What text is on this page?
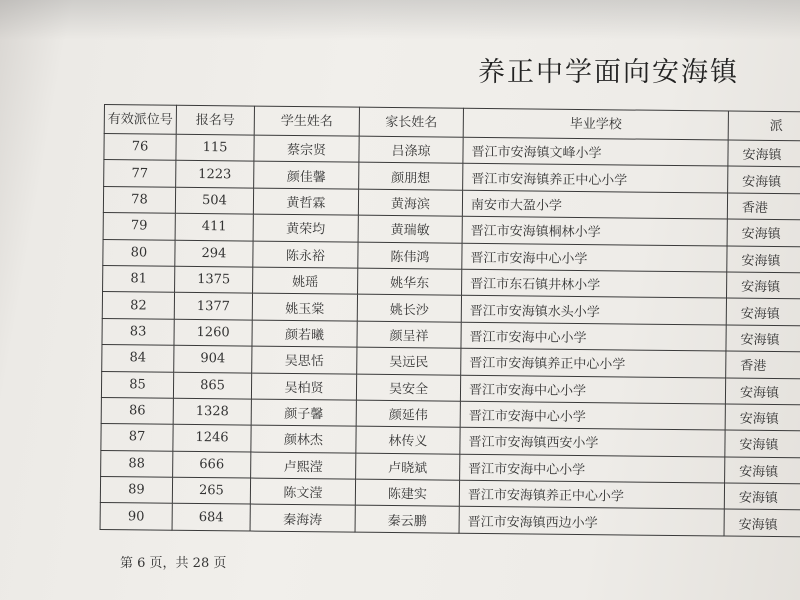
养正中学面向安海镇
有效派位号	报名号	学生姓名	家长姓名	毕业学校	派
76	115	蔡宗贤	吕涤琼	晋江市安海镇文峰小学	安海镇
77	1223	颜佳馨	颜朋想	晋江市安海镇养正中心小学	安海镇
78	504	黄哲霖	黄海滨	南安市大盈小学	香港
79	411	黄荣均	黄瑞敏	晋江市安海镇桐林小学	安海镇
80	294	陈永裕	陈伟鸿	晋江市安海中心小学	安海镇
81	1375	姚瑶	姚华东	晋江市东石镇井林小学	安海镇
82	1377	姚玉棠	姚长沙	晋江市安海镇水头小学	安海镇
83	1260	颜若曦	颜呈祥	晋江市安海中心小学	安海镇
84	904	吴思恬	吴远民	晋江市安海镇养正中心小学	香港
85	865	吴柏贤	吴安全	晋江市安海中心小学	安海镇
86	1328	颜子馨	颜延伟	晋江市安海中心小学	安海镇
87	1246	颜林杰	林传义	晋江市安海镇西安小学	安海镇
88	666	卢熙滢	卢晓斌	晋江市安海中心小学	安海镇
89	265	陈文滢	陈建实	晋江市安海镇养正中心小学	安海镇
90	684	秦海涛	秦云鹏	晋江市安海镇西边小学	安海镇
第 6 页，共 28 页
